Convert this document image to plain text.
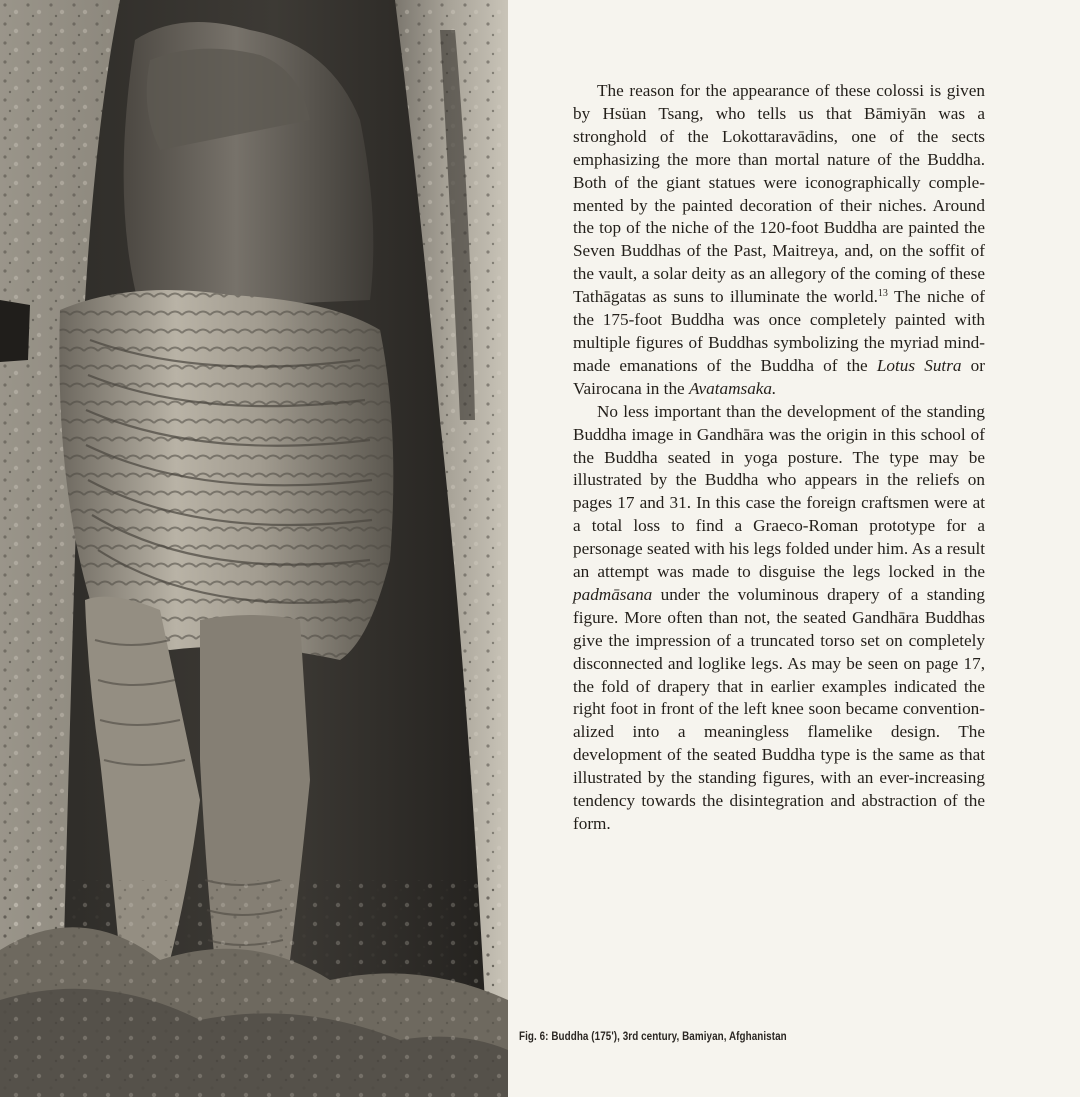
The reason for the appearance of these colossi is given by Hsüan Tsang, who tells us that Bāmiyān was a stronghold of the Lokottaravādins, one of the sects emphasizing the more than mortal nature of the Buddha. Both of the giant statues were iconographically complemented by the painted decoration of their niches. Around the top of the niche of the 120-foot Buddha are painted the Seven Buddhas of the Past, Maitreya, and, on the soffit of the vault, a solar deity as an allegory of the coming of these Tathāgatas as suns to illuminate the world.$^{13}$ The niche of the 175-foot Buddha was once completely painted with multiple figures of Buddhas symbolizing the myriad mind-made emanations of the Buddha of the Lotus Sutra or Vairocana in the Avatamsaka.

No less important than the development of the standing Buddha image in Gandhāra was the origin in this school of the Buddha seated in yoga posture. The type may be illustrated by the Buddha who appears in the reliefs on pages 17 and 31. In this case the foreign craftsmen were at a total loss to find a Graeco-Roman prototype for a personage seated with his legs folded under him. As a result an attempt was made to disguise the legs locked in the padmāsana under the voluminous drapery of a standing figure. More often than not, the seated Gandhāra Buddhas give the impression of a truncated torso set on completely disconnected and loglike legs. As may be seen on page 17, the fold of drapery that in earlier examples indicated the right foot in front of the left knee soon became conventionalized into a meaningless flamelike design. The development of the seated Buddha type is the same as that illustrated by the standing figures, with an ever-increasing tendency towards the disintegration and abstraction of the form.

Fig. 6: Buddha (175'), 3rd century, Bamiyan, Afghanistan
